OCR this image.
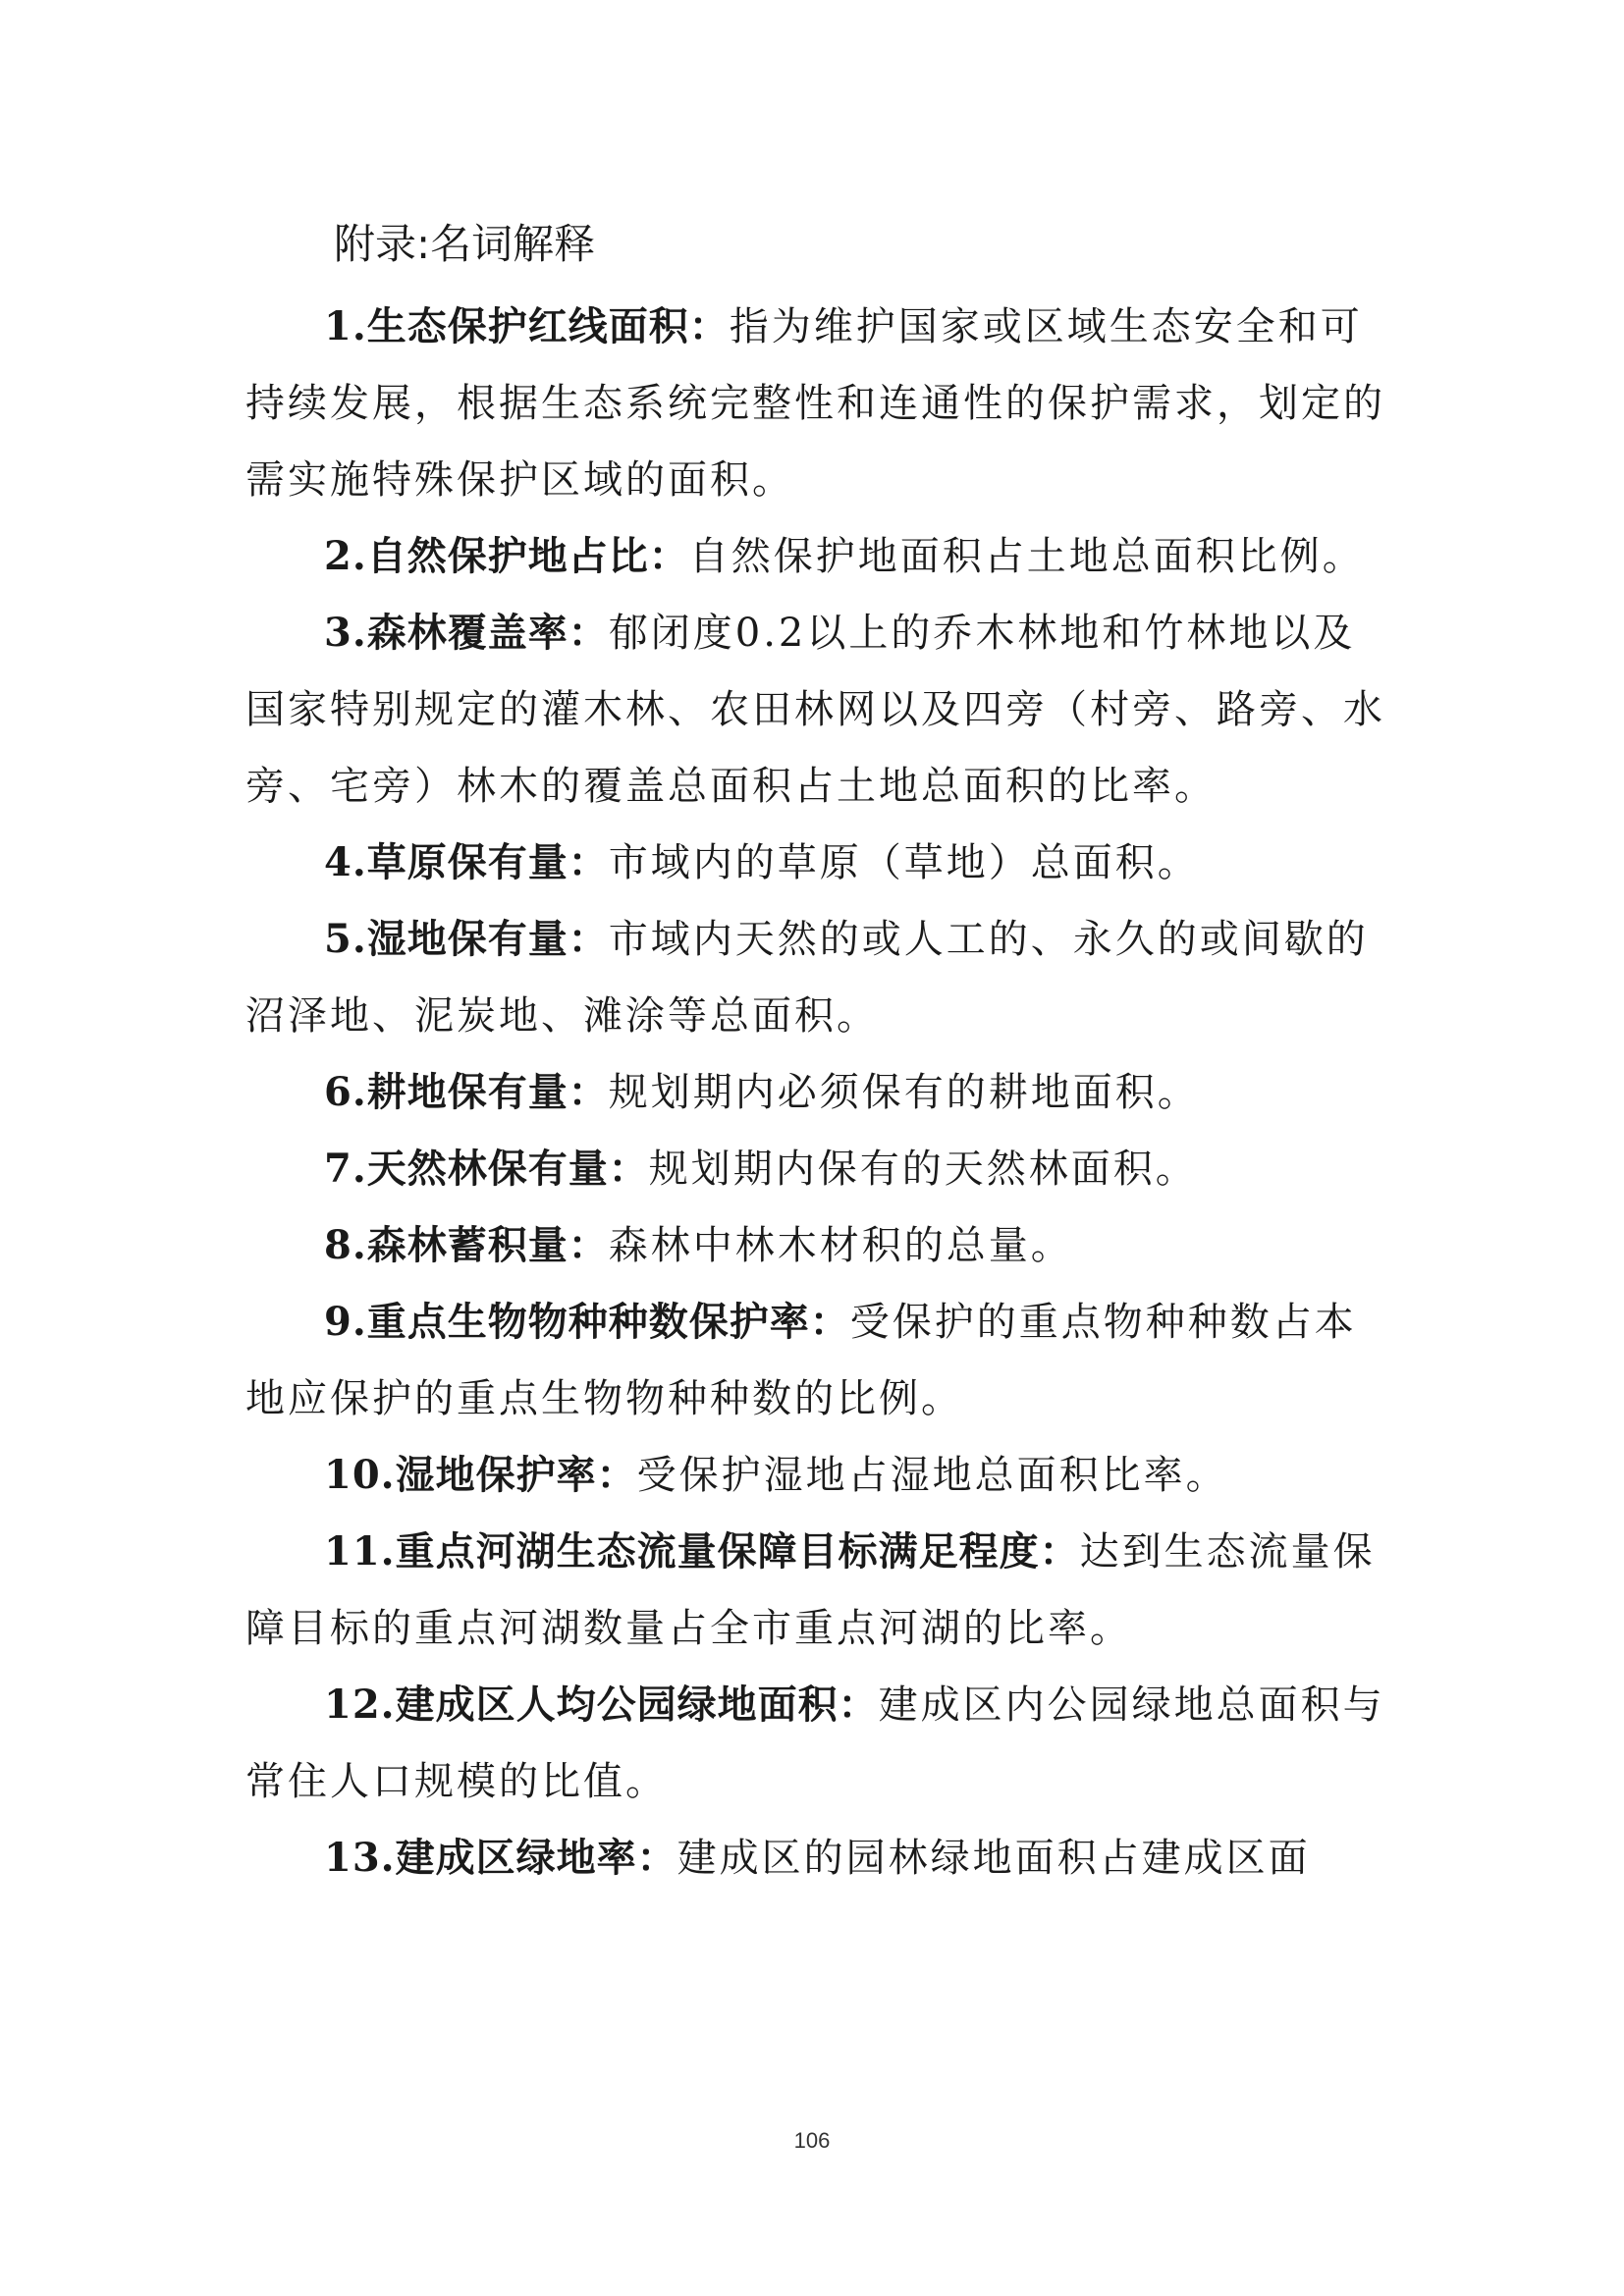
附录:名词解释

1.生态保护红线面积：指为维护国家或区域生态安全和可持续发展，根据生态系统完整性和连通性的保护需求，划定的需实施特殊保护区域的面积。

2.自然保护地占比：自然保护地面积占土地总面积比例。

3.森林覆盖率：郁闭度0.2以上的乔木林地和竹林地以及国家特别规定的灌木林、农田林网以及四旁（村旁、路旁、水旁、宅旁）林木的覆盖总面积占土地总面积的比率。

4.草原保有量：市域内的草原（草地）总面积。

5.湿地保有量：市域内天然的或人工的、永久的或间歇的沼泽地、泥炭地、滩涂等总面积。

6.耕地保有量：规划期内必须保有的耕地面积。

7.天然林保有量：规划期内保有的天然林面积。

8.森林蓄积量：森林中林木材积的总量。

9.重点生物物种种数保护率：受保护的重点物种种数占本地应保护的重点生物物种种数的比例。

10.湿地保护率：受保护湿地占湿地总面积比率。

11.重点河湖生态流量保障目标满足程度：达到生态流量保障目标的重点河湖数量占全市重点河湖的比率。

12.建成区人均公园绿地面积：建成区内公园绿地总面积与常住人口规模的比值。

13.建成区绿地率：建成区的园林绿地面积占建成区面

106
